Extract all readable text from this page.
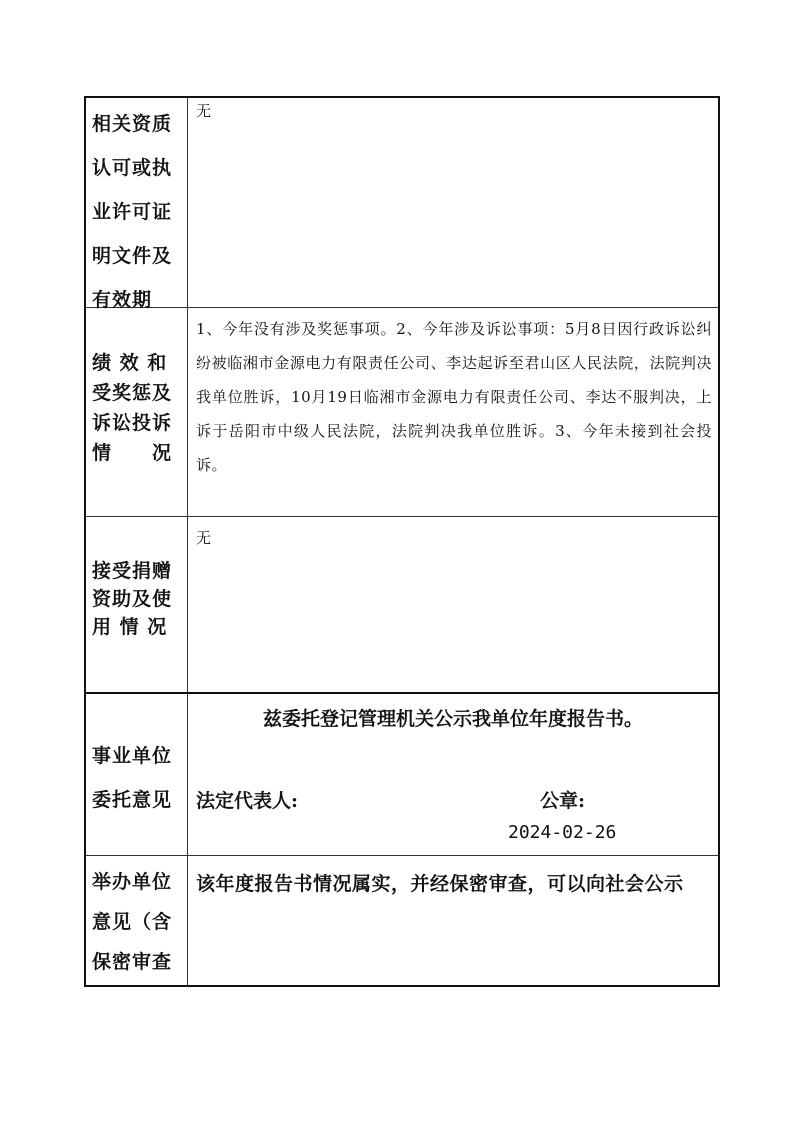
相关资质认可或执业许可证明文件及有效期
无
绩 效 和受奖惩及诉讼投诉情　　况
1、今年没有涉及奖惩事项。2、今年涉及诉讼事项：5月8日因行政诉讼纠纷被临湘市金源电力有限责任公司、李达起诉至君山区人民法院，法院判决我单位胜诉，10月19日临湘市金源电力有限责任公司、李达不服判决，上诉于岳阳市中级人民法院，法院判决我单位胜诉。3、今年未接到社会投诉。
接受捐赠资助及使用 情 况
无
事业单位委托意见
兹委托登记管理机关公示我单位年度报告书。
法定代表人:	公章:
2024-02-26
举办单位意见（含保密审查
该年度报告书情况属实，并经保密审查，可以向社会公示
